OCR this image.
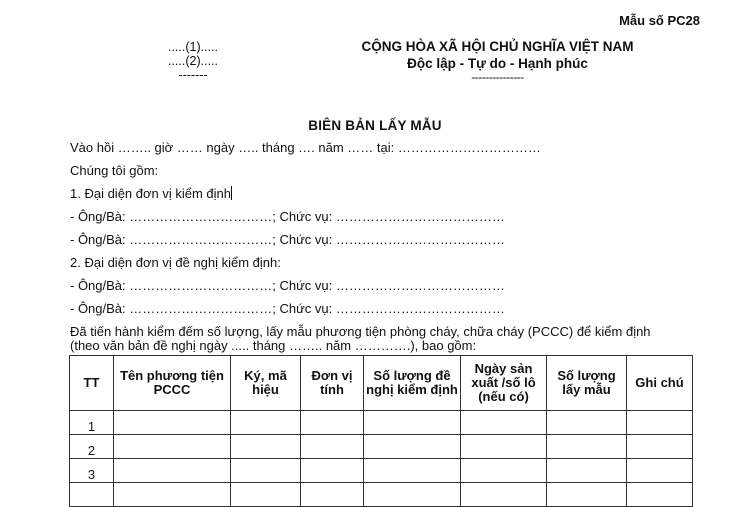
Mẫu số PC28
.....(1).....
.....(2).....
-------
CỘNG HÒA XÃ HỘI CHỦ NGHĨA VIỆT NAM
Độc lập - Tự do - Hạnh phúc
---------------
BIÊN BẢN LẤY MẪU
Vào hồi …….. giờ …… ngày ….. tháng …. năm …… tại: ……………………………
Chúng tôi gồm:
1. Đại diện đơn vị kiểm định
- Ông/Bà: ……………………………; Chức vụ: …………………………………
- Ông/Bà: ……………………………; Chức vụ: …………………………………
2. Đại diện đơn vị đề nghị kiểm định:
- Ông/Bà: ……………………………; Chức vụ: …………………………………
- Ông/Bà: ……………………………; Chức vụ: …………………………………
Đã tiến hành kiểm đếm số lượng, lấy mẫu phương tiện phòng cháy, chữa cháy (PCCC) để kiểm định
(theo văn bản đề nghị ngày ..... tháng …….. năm ………….), bao gồm:
TT	Tên phương tiện PCCC	Ký, mã hiệu	Đơn vị tính	Số lượng đề nghị kiểm định	Ngày sản xuất /số lô (nếu có)	Số lượng lấy mẫu	Ghi chú
1							
2							
3							
